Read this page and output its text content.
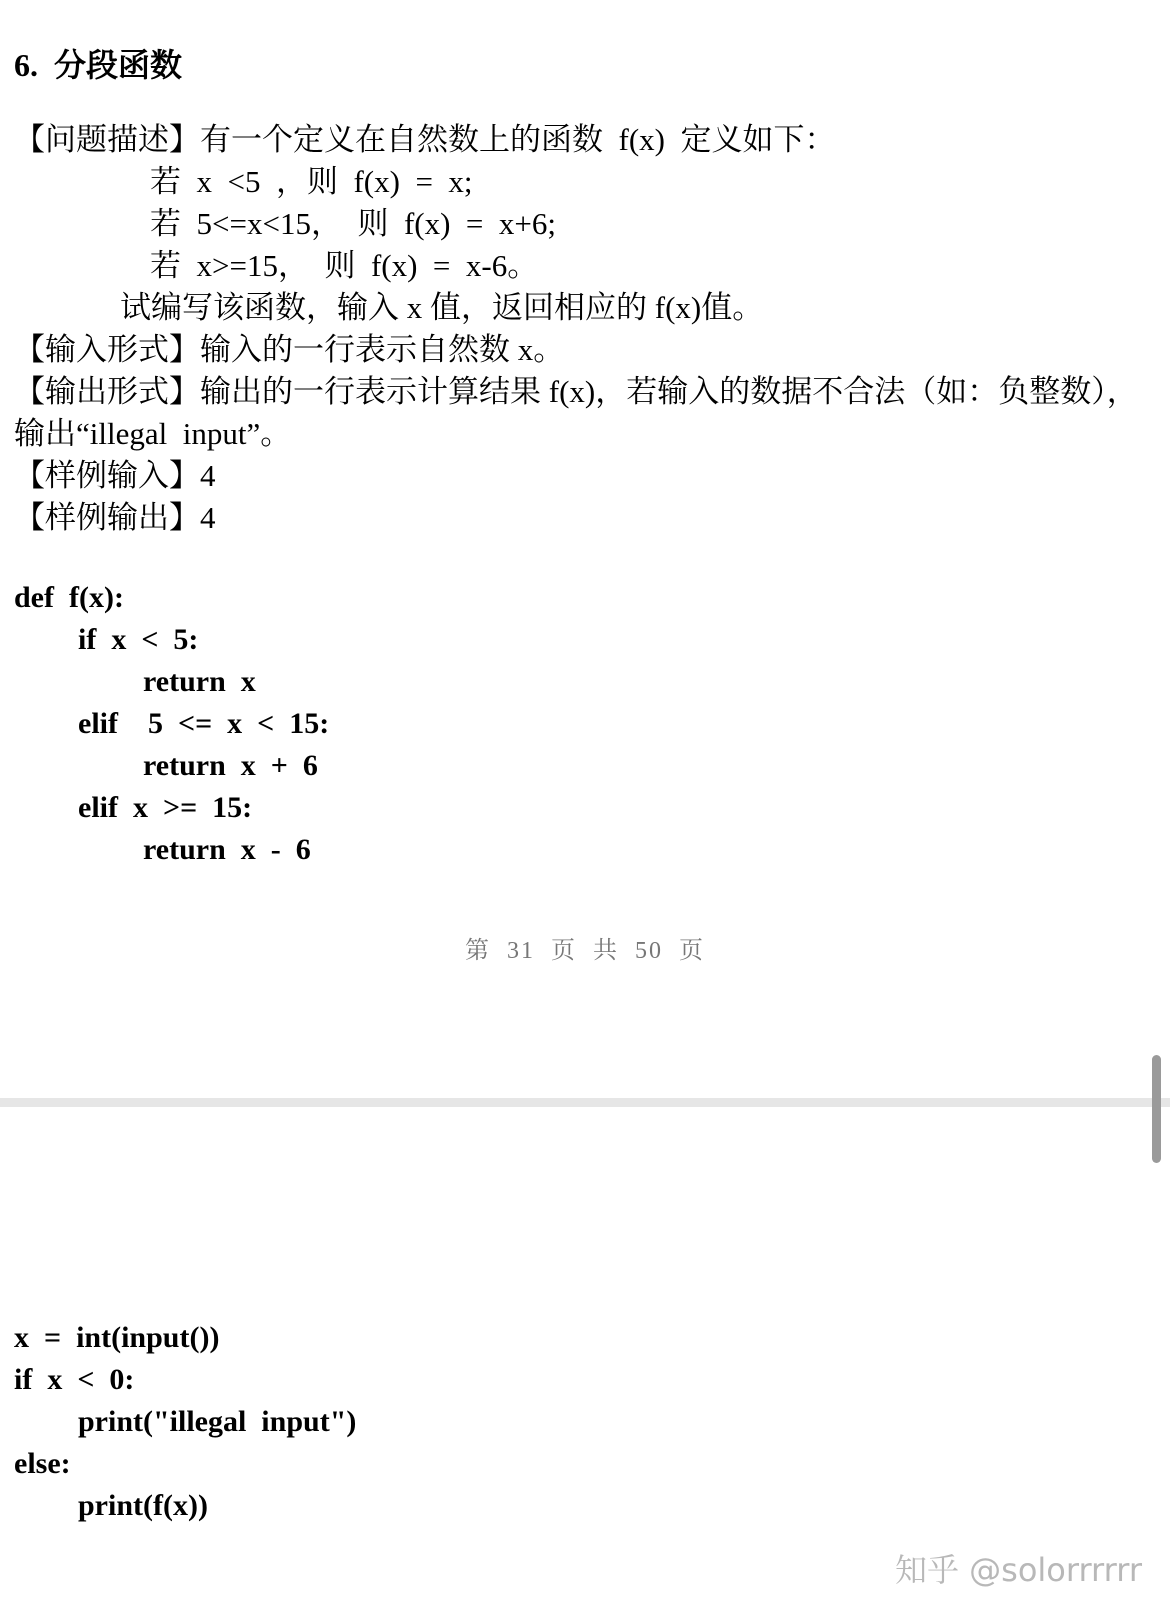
6.  分段函数
【问题描述】有一个定义在自然数上的函数  f(x)  定义如下：
若  x  <5  ，则  f(x)  =  x;
若  5<=x<15，  则  f(x)  =  x+6;
若  x>=15，  则  f(x)  =  x-6。
试编写该函数，输入 x 值，返回相应的 f(x)值。
【输入形式】输入的一行表示自然数 x。
【输出形式】输出的一行表示计算结果 f(x)，若输入的数据不合法（如：负整数），
输出“illegal  input”。
【样例输入】4
【样例输出】4
def  f(x):
if  x  <  5:
return  x
elif    5  <=  x  <  15:
return  x  +  6
elif  x  >=  15:
return  x  -  6
第  31  页  共  50  页
x  =  int(input())
if  x  <  0:
print("illegal  input")
else:
print(f(x))
知乎 @solorrrrrr
